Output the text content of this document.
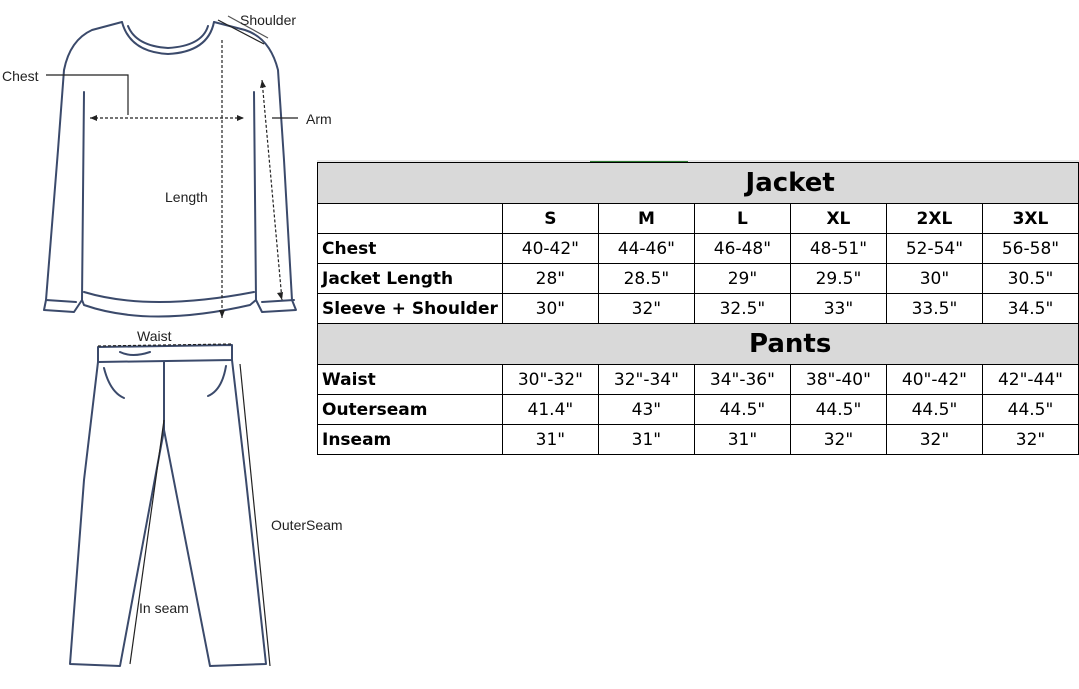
Shoulder
Chest
Arm
Length
Waist
OuterSeam
In seam
	Jacket					
	S	M	L	XL	2XL	3XL
Chest	40-42"	44-46"	46-48"	48-51"	52-54"	56-58"
Jacket Length	28"	28.5"	29"	29.5"	30"	30.5"
Sleeve + Shoulder	30"	32"	32.5"	33"	33.5"	34.5"
	Pants					
Waist	30"-32"	32"-34"	34"-36"	38"-40"	40"-42"	42"-44"
Outerseam	41.4"	43"	44.5"	44.5"	44.5"	44.5"
Inseam	31"	31"	31"	32"	32"	32"
